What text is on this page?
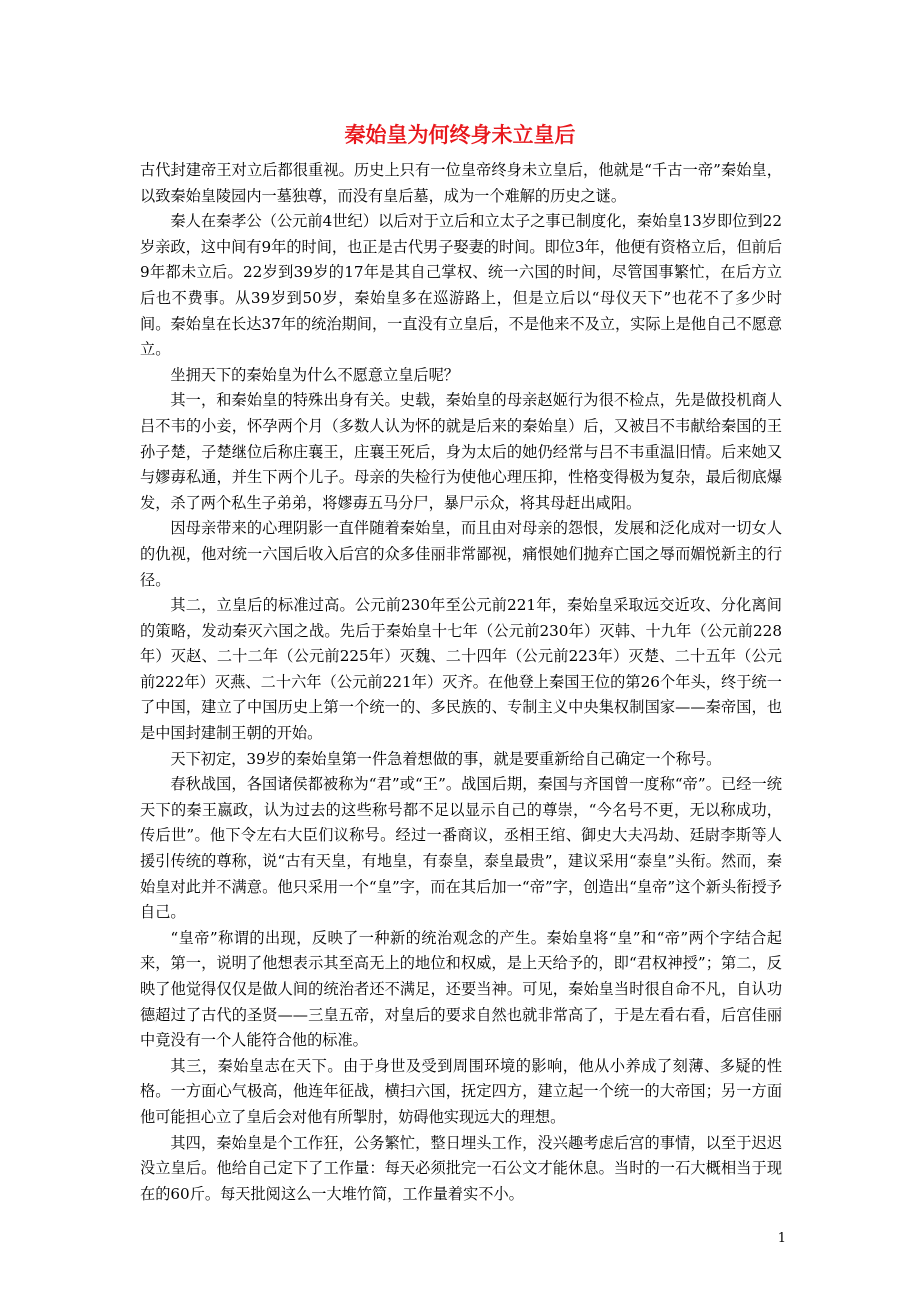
秦始皇为何终身未立皇后

古代封建帝王对立后都很重视。历史上只有一位皇帝终身未立皇后，他就是“千古一帝”秦始皇，以致秦始皇陵园内一墓独尊，而没有皇后墓，成为一个难解的历史之谜。

秦人在秦孝公（公元前4世纪）以后对于立后和立太子之事已制度化，秦始皇13岁即位到22岁亲政，这中间有9年的时间，也正是古代男子娶妻的时间。即位3年，他便有资格立后，但前后9年都未立后。22岁到39岁的17年是其自己掌权、统一六国的时间，尽管国事繁忙，在后方立后也不费事。从39岁到50岁，秦始皇多在巡游路上，但是立后以“母仪天下”也花不了多少时间。秦始皇在长达37年的统治期间，一直没有立皇后，不是他来不及立，实际上是他自己不愿意立。

坐拥天下的秦始皇为什么不愿意立皇后呢？

其一，和秦始皇的特殊出身有关。史载，秦始皇的母亲赵姬行为很不检点，先是做投机商人吕不韦的小妾，怀孕两个月（多数人认为怀的就是后来的秦始皇）后，又被吕不韦献给秦国的王孙子楚，子楚继位后称庄襄王，庄襄王死后，身为太后的她仍经常与吕不韦重温旧情。后来她又与嫪毐私通，并生下两个儿子。母亲的失检行为使他心理压抑，性格变得极为复杂，最后彻底爆发，杀了两个私生子弟弟，将嫪毐五马分尸，暴尸示众，将其母赶出咸阳。

因母亲带来的心理阴影一直伴随着秦始皇，而且由对母亲的怨恨，发展和泛化成对一切女人的仇视，他对统一六国后收入后宫的众多佳丽非常鄙视，痛恨她们抛弃亡国之辱而媚悦新主的行径。

其二，立皇后的标准过高。公元前230年至公元前221年，秦始皇采取远交近攻、分化离间的策略，发动秦灭六国之战。先后于秦始皇十七年（公元前230年）灭韩、十九年（公元前228年）灭赵、二十二年（公元前225年）灭魏、二十四年（公元前223年）灭楚、二十五年（公元前222年）灭燕、二十六年（公元前221年）灭齐。在他登上秦国王位的第26个年头，终于统一了中国，建立了中国历史上第一个统一的、多民族的、专制主义中央集权制国家——秦帝国，也是中国封建制王朝的开始。

天下初定，39岁的秦始皇第一件急着想做的事，就是要重新给自己确定一个称号。

春秋战国，各国诸侯都被称为“君”或“王”。战国后期，秦国与齐国曾一度称“帝”。已经一统天下的秦王嬴政，认为过去的这些称号都不足以显示自己的尊崇，“今名号不更，无以称成功，传后世”。他下令左右大臣们议称号。经过一番商议，丞相王绾、御史大夫冯劫、廷尉李斯等人援引传统的尊称，说“古有天皇，有地皇，有泰皇，泰皇最贵”，建议采用“泰皇”头衔。然而，秦始皇对此并不满意。他只采用一个“皇”字，而在其后加一“帝”字，创造出“皇帝”这个新头衔授予自己。

“皇帝”称谓的出现，反映了一种新的统治观念的产生。秦始皇将“皇”和“帝”两个字结合起来，第一，说明了他想表示其至高无上的地位和权威，是上天给予的，即“君权神授”；第二，反映了他觉得仅仅是做人间的统治者还不满足，还要当神。可见，秦始皇当时很自命不凡，自认功德超过了古代的圣贤——三皇五帝，对皇后的要求自然也就非常高了，于是左看右看，后宫佳丽中竟没有一个人能符合他的标准。

其三，秦始皇志在天下。由于身世及受到周围环境的影响，他从小养成了刻薄、多疑的性格。一方面心气极高，他连年征战，横扫六国，抚定四方，建立起一个统一的大帝国；另一方面他可能担心立了皇后会对他有所掣肘，妨碍他实现远大的理想。

其四，秦始皇是个工作狂，公务繁忙，整日埋头工作，没兴趣考虑后宫的事情，以至于迟迟没立皇后。他给自己定下了工作量：每天必须批完一石公文才能休息。当时的一石大概相当于现在的60斤。每天批阅这么一大堆竹简，工作量着实不小。

1
